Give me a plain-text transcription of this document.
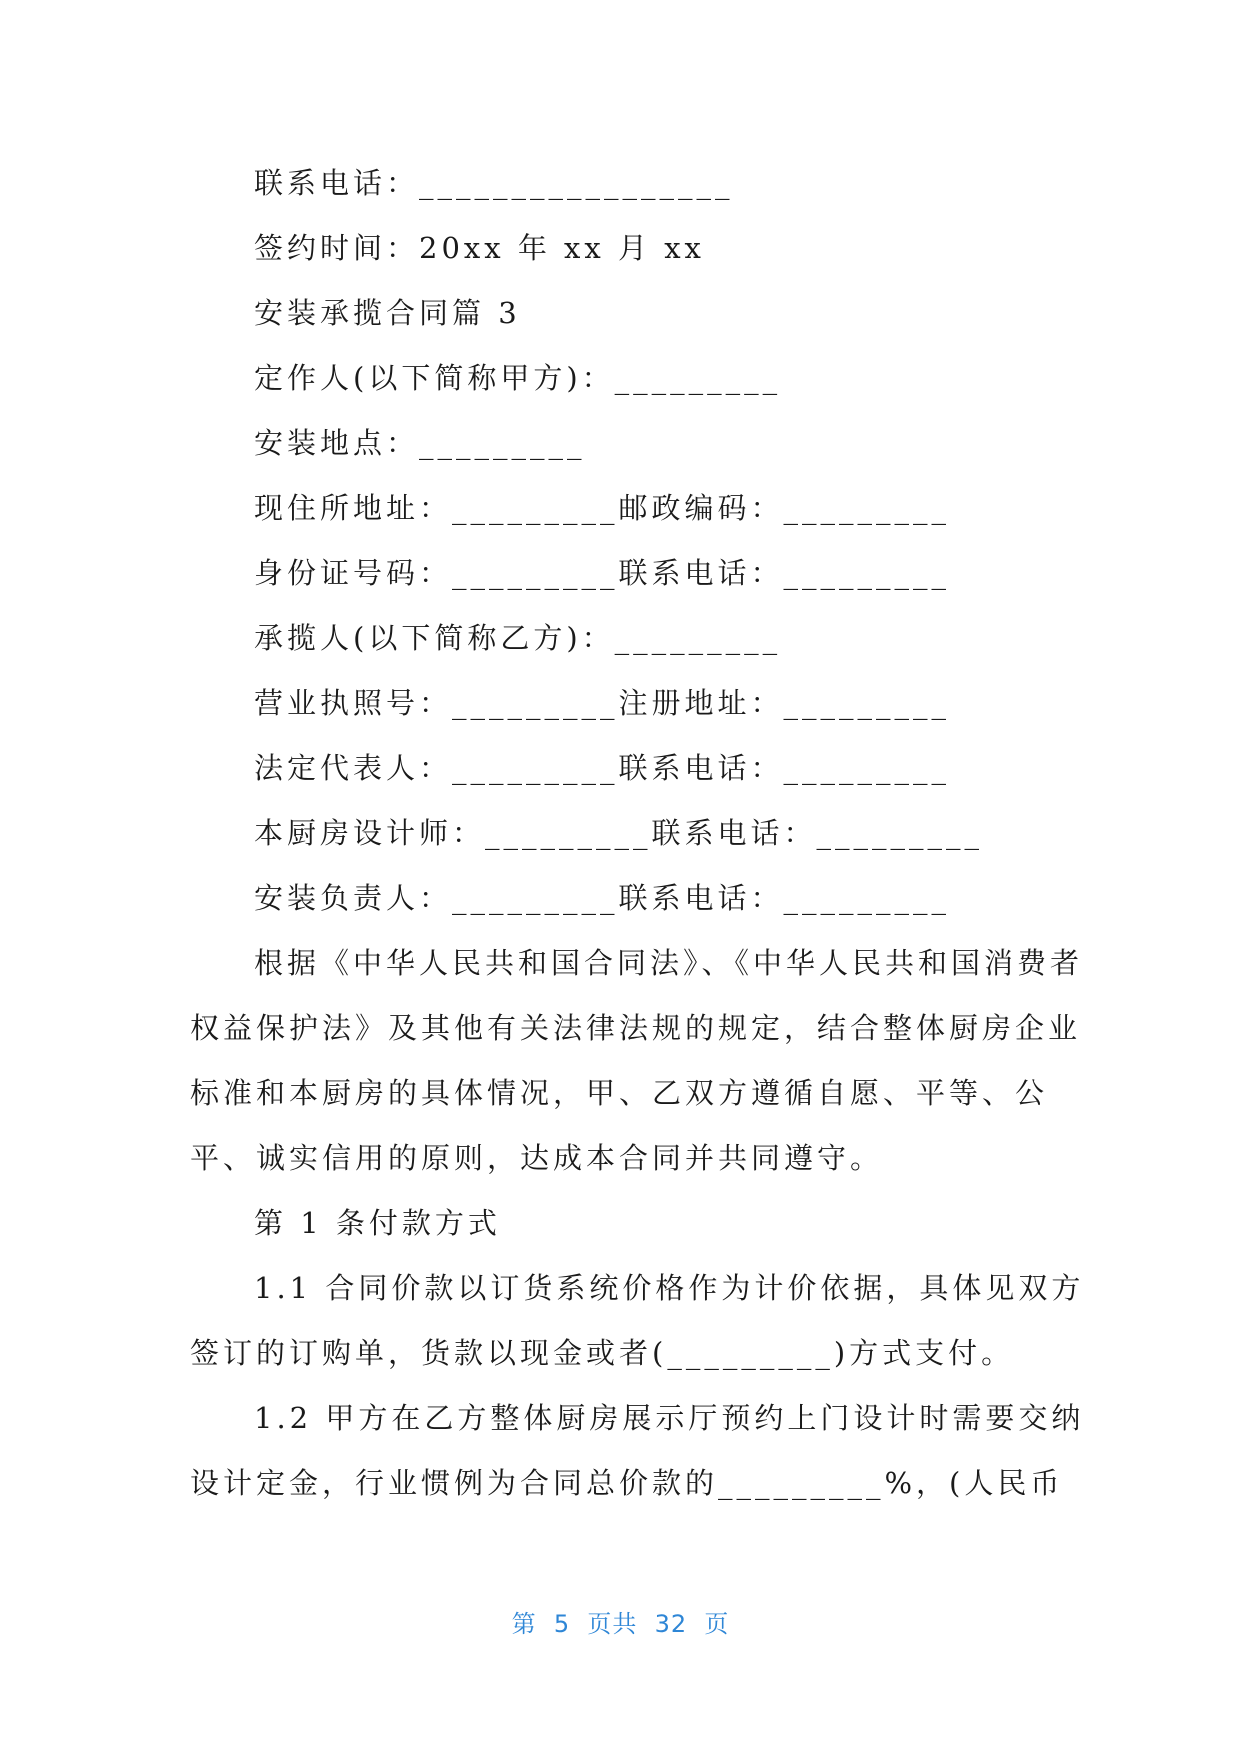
联系电话：_________________
签约时间：20xx 年 xx 月 xx
安装承揽合同篇 3
定作人(以下简称甲方)：_________
安装地点：_________
现住所地址：_________邮政编码：_________
身份证号码：_________联系电话：_________
承揽人(以下简称乙方)：_________
营业执照号：_________注册地址：_________
法定代表人：_________联系电话：_________
本厨房设计师：_________联系电话：_________
安装负责人：_________联系电话：_________
根据《中华人民共和国合同法》、《中华人民共和国消费者
权益保护法》及其他有关法律法规的规定，结合整体厨房企业
标准和本厨房的具体情况，甲、乙双方遵循自愿、平等、公
平、诚实信用的原则，达成本合同并共同遵守。
第 1 条付款方式
1.1 合同价款以订货系统价格作为计价依据，具体见双方
签订的订购单，货款以现金或者(_________)方式支付。
1.2 甲方在乙方整体厨房展示厅预约上门设计时需要交纳
设计定金，行业惯例为合同总价款的_________%，(人民币
第  5  页共  32  页
